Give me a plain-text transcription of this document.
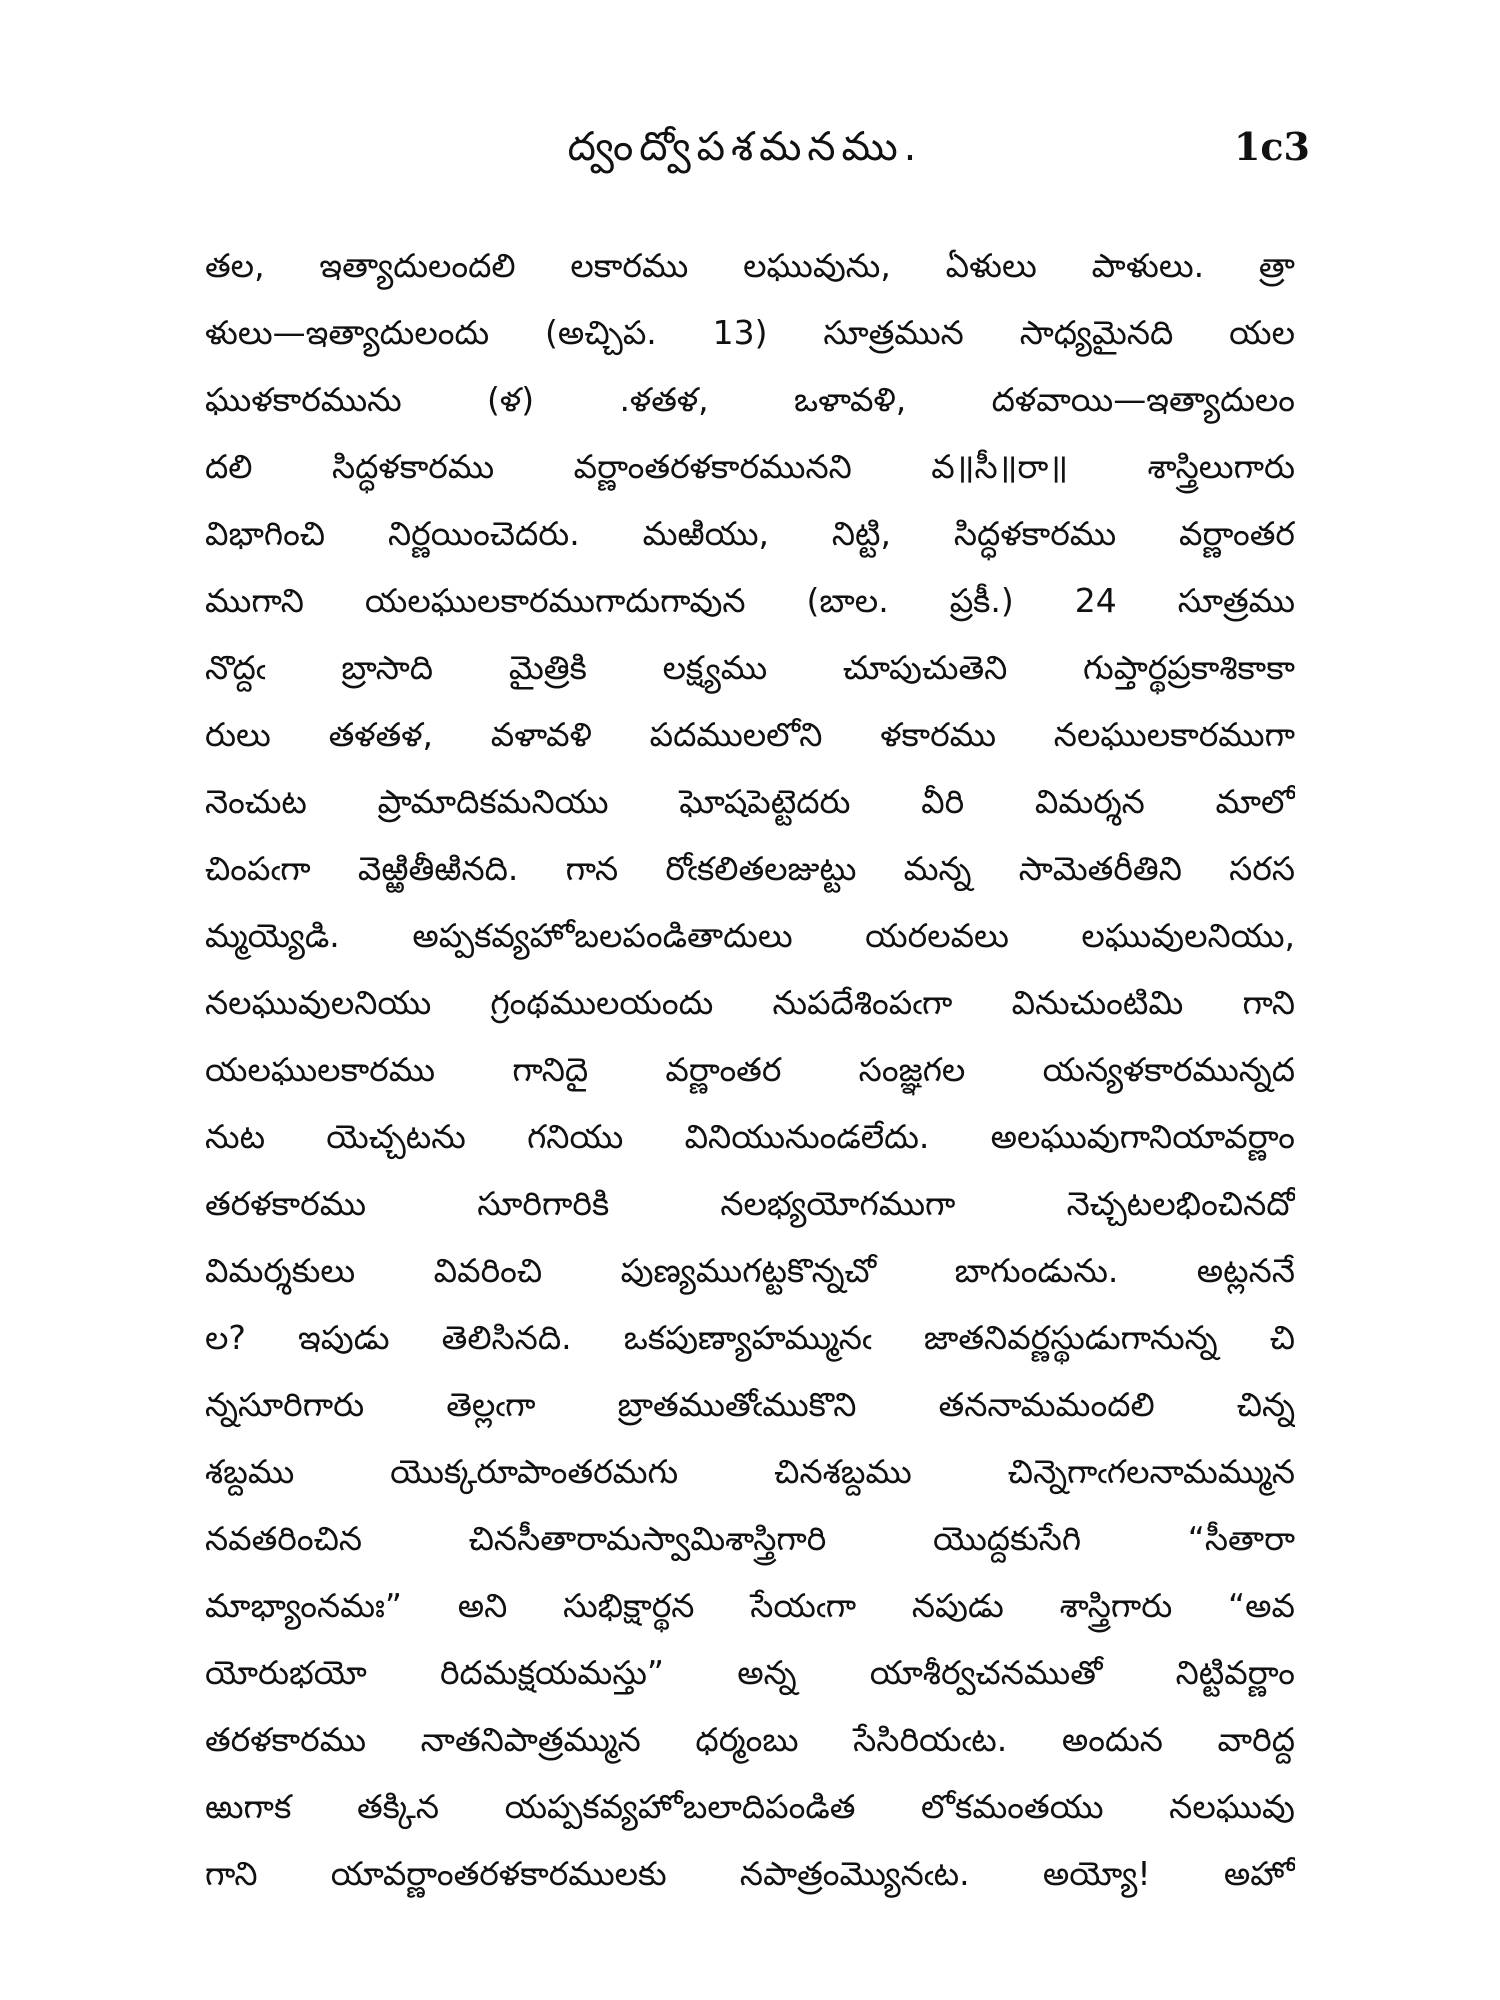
ద్వంద్వోపశమనము.	1c3
తల, ఇత్యాదులందలి లకారము లఘువును, ఏళులు పాళులు. త్రా
ళులు—ఇత్యాదులందు (అచ్చిప. 13) సూత్రమున సాధ్యమైనది యల
ఘుళకారమును (ళ) .ళతళ, ఒళావళి, దళవాయి—ఇత్యాదులం
దలి సిద్ధళకారము వర్ణాంతరళకారమునని వ॥సీ॥రా॥ శాస్త్రిలుగారు
విభాగించి నిర్ణయించెదరు. మఱియు, నిట్టి, సిద్ధళకారము వర్ణాంతర
ముగాని యలఘులకారముగాదుగావున (బాల. ప్రకీ.) 24 సూత్రము
నొద్దఁ బ్రాసాది మైత్రికి లక్ష్యము చూపుచుతెని గుప్తార్థప్రకాశికాకా
రులు తళతళ, వళావళి పదములలోని ళకారము నలఘులకారముగా
నెంచుట ప్రామాదికమనియు ఘోషపెట్టెదరు వీరి విమర్శన మాలో
చింపఁగా వెఱ్ఱితీఱినది. గాన రోఁకలితలజుట్టు మన్న సామెతరీతిని సరస
మ్మయ్యెడి. అప్పకవ్యహోబలపండితాదులు యరలవలు లఘువులనియు,
నలఘువులనియు గ్రంథములయందు నుపదేశింపఁగా వినుచుంటిమి గాని
యలఘులకారము గానిదై వర్ణాంతర సంజ్ఞగల యన్యళకారమున్నద
నుట యెచ్చటను గనియు వినియునుండలేదు. అలఘువుగానియావర్ణాం
తరళకారము సూరిగారికి నలభ్యయోగముగా నెచ్చటలభించినదో
విమర్శకులు వివరించి పుణ్యముగట్టకొన్నచో బాగుండును. అట్లననే
ల? ఇపుడు తెలిసినది. ఒకపుణ్యాహమ్మునఁ జాతనివర్ణస్థుడుగానున్న చి
న్నసూరిగారు తెల్లఁగా బ్రాతముతోఁముకొని తననామమందలి చిన్న
శబ్దము యొక్కరూపాంతరమగు చినశబ్దము చిన్నెగాఁగలనామమ్మున
నవతరించిన చినసీతారామస్వామిశాస్త్రిగారి యొద్దకుసేగి “సీతారా
మాభ్యాంనమః” అని సుభిక్షార్థన సేయఁగా నపుడు శాస్త్రిగారు “అవ
యోరుభయో రిదమక్షయమస్తు” అన్న యాశీర్వచనముతో నిట్టివర్ణాం
తరళకారము నాతనిపాత్రమ్మున ధర్మంబు సేసిరియఁట. అందున వారిద్ద
ఱుగాక తక్కిన యప్పకవ్యహోబలాదిపండిత లోకమంతయు నలఘువు
గాని యావర్ణాంతరళకారములకు నపాత్రంమ్యొనఁట. అయ్యో! అహో
